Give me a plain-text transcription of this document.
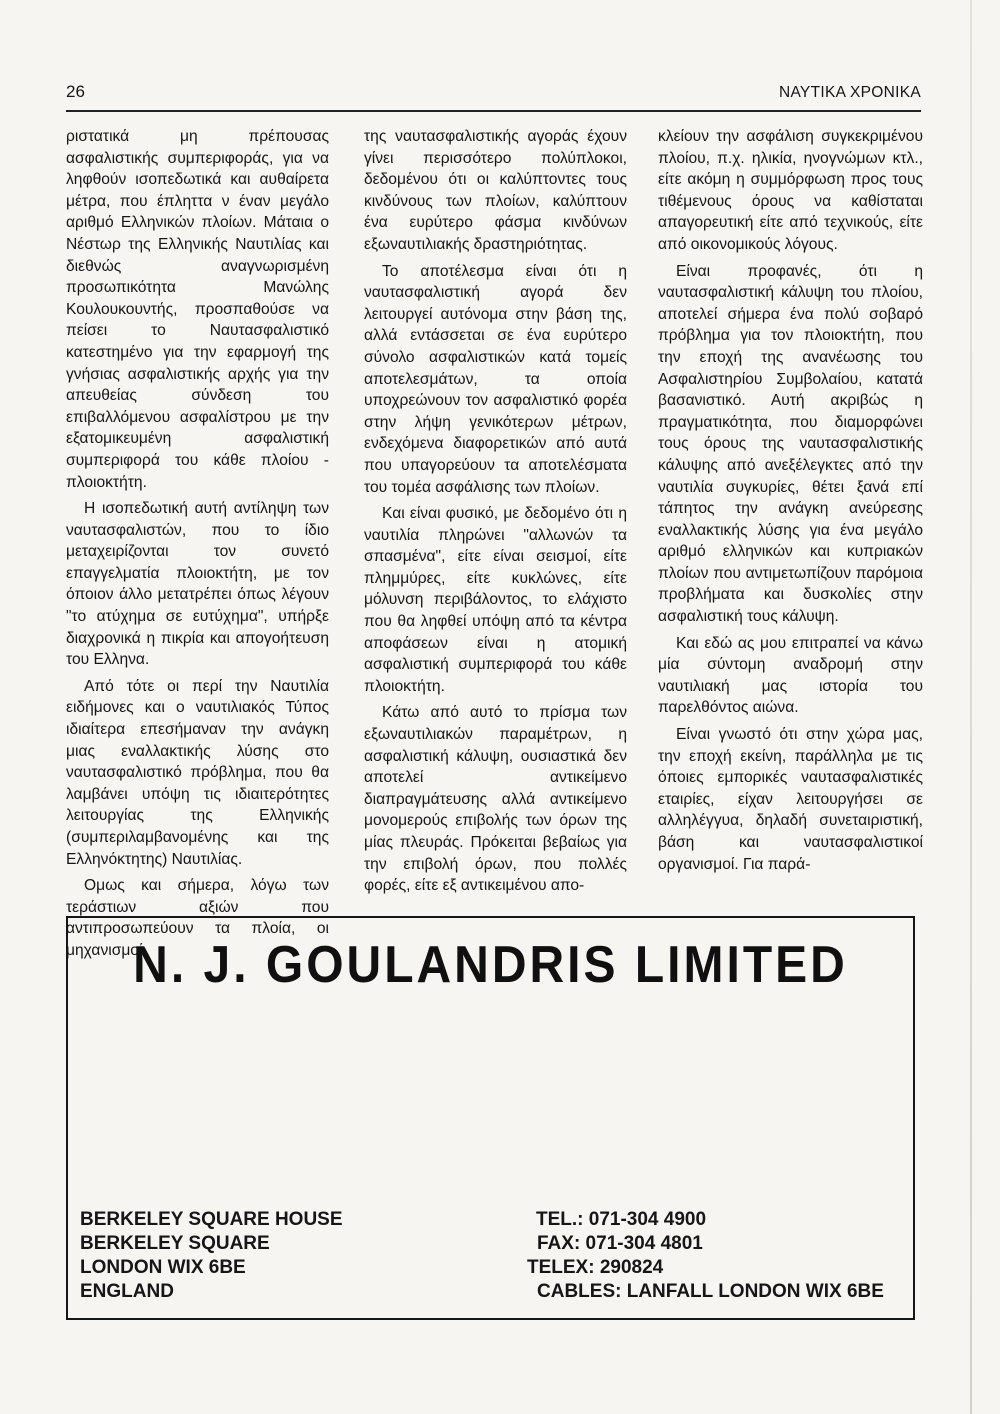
26	ΝΑΥΤΙΚΑ ΧΡΟΝΙΚΑ

ριστατικά μη πρέπουσας ασφαλιστικής συμπεριφοράς, για να ληφθούν ισοπεδωτικά και αυθαίρετα μέτρα, που έπληττα ν έναν μεγάλο αριθμό Ελληνικών πλοίων. Μάταια ο Νέστωρ της Ελληνικής Ναυτιλίας και διεθνώς αναγνωρισμένη προσωπικότητα Μανώλης Κουλουκουντής, προσπαθούσε να πείσει το Ναυτασφαλιστικό κατεστημένο για την εφαρμογή της γνήσιας ασφαλιστικής αρχής για την απευθείας σύνδεση του επιβαλλόμενου ασφαλίστρου με την εξατομικευμένη ασφαλιστική συμπεριφορά του κάθε πλοίου - πλοιοκτήτη.

Η ισοπεδωτική αυτή αντίληψη των ναυτασφαλιστών, που το ίδιο μεταχειρίζονται τον συνετό επαγγελματία πλοιοκτήτη, με τον όποιον άλλο μετατρέπει όπως λέγουν "το ατύχημα σε ευτύχημα", υπήρξε διαχρονικά η πικρία και απογοήτευση του Ελληνα.

Από τότε οι περί την Ναυτιλία ειδήμονες και ο ναυτιλιακός Τύπος ιδιαίτερα επεσήμαναν την ανάγκη μιας εναλλακτικής λύσης στο ναυτασφαλιστικό πρόβλημα, που θα λαμβάνει υπόψη τις ιδιαιτερότητες λειτουργίας της Ελληνικής (συμπεριλαμβανομένης και της Ελληνόκτητης) Ναυτιλίας.

Ομως και σήμερα, λόγω των τεράστιων αξιών που αντιπροσωπεύουν τα πλοία, οι μηχανισμοί

της ναυτασφαλιστικής αγοράς έχουν γίνει περισσότερο πολύπλοκοι, δεδομένου ότι οι καλύπτοντες τους κινδύνους των πλοίων, καλύπτουν ένα ευρύτερο φάσμα κινδύνων εξωναυτιλιακής δραστηριότητας.

Το αποτέλεσμα είναι ότι η ναυτασφαλιστική αγορά δεν λειτουργεί αυτόνομα στην βάση της, αλλά εντάσσεται σε ένα ευρύτερο σύνολο ασφαλιστικών κατά τομείς αποτελεσμάτων, τα οποία υποχρεώνουν τον ασφαλιστικό φορέα στην λήψη γενικότερων μέτρων, ενδεχόμενα διαφορετικών από αυτά που υπαγορεύουν τα αποτελέσματα του τομέα ασφάλισης των πλοίων.

Και είναι φυσικό, με δεδομένο ότι η ναυτιλία πληρώνει "αλλωνών τα σπασμένα", είτε είναι σεισμοί, είτε πλημμύρες, είτε κυκλώνες, είτε μόλυνση περιβάλοντος, το ελάχιστο που θα ληφθεί υπόψη από τα κέντρα αποφάσεων είναι η ατομική ασφαλιστική συμπεριφορά του κάθε πλοιοκτήτη.

Κάτω από αυτό το πρίσμα των εξωναυτιλιακών παραμέτρων, η ασφαλιστική κάλυψη, ουσιαστικά δεν αποτελεί αντικείμενο διαπραγμάτευσης αλλά αντικείμενο μονομερούς επιβολής των όρων της μίας πλευράς. Πρόκειται βεβαίως για την επιβολή όρων, που πολλές φορές, είτε εξ αντικειμένου απο-

κλείουν την ασφάλιση συγκεκριμένου πλοίου, π.χ. ηλικία, ηνογνώμων κτλ., είτε ακόμη η συμμόρφωση προς τους τιθέμενους όρους να καθίσταται απαγορευτική είτε από τεχνικούς, είτε από οικονομικούς λόγους.

Είναι προφανές, ότι η ναυτασφαλιστική κάλυψη του πλοίου, αποτελεί σήμερα ένα πολύ σοβαρό πρόβλημα για τον πλοιοκτήτη, που την εποχή της ανανέωσης του Ασφαλιστηρίου Συμβολαίου, κατατά βασανιστικό. Αυτή ακριβώς η πραγματικότητα, που διαμορφώνει τους όρους της ναυτασφαλιστικής κάλυψης από ανεξέλεγκτες από την ναυτιλία συγκυρίες, θέτει ξανά επί τάπητος την ανάγκη ανεύρεσης εναλλακτικής λύσης για ένα μεγάλο αριθμό ελληνικών και κυπριακών πλοίων που αντιμετωπίζουν παρόμοια προβλήματα και δυσκολίες στην ασφαλιστική τους κάλυψη.

Και εδώ ας μου επιτραπεί να κάνω μία σύντομη αναδρομή στην ναυτιλιακή μας ιστορία του παρελθόντος αιώνα.

Είναι γνωστό ότι στην χώρα μας, την εποχή εκείνη, παράλληλα με τις όποιες εμπορικές ναυτασφαλιστικές εταιρίες, είχαν λειτουργήσει σε αλληλέγγυα, δηλαδή συνεταιριστική, βάση και ναυτασφαλιστικοί οργανισμοί. Για παρά-

N. J. GOULANDRIS LIMITED
BERKELEY SQUARE HOUSE
BERKELEY SQUARE
LONDON WIX 6BE
ENGLAND
TEL.: 071-304 4900
FAX: 071-304 4801
TELEX: 290824
CABLES: LANFALL LONDON WIX 6BE
